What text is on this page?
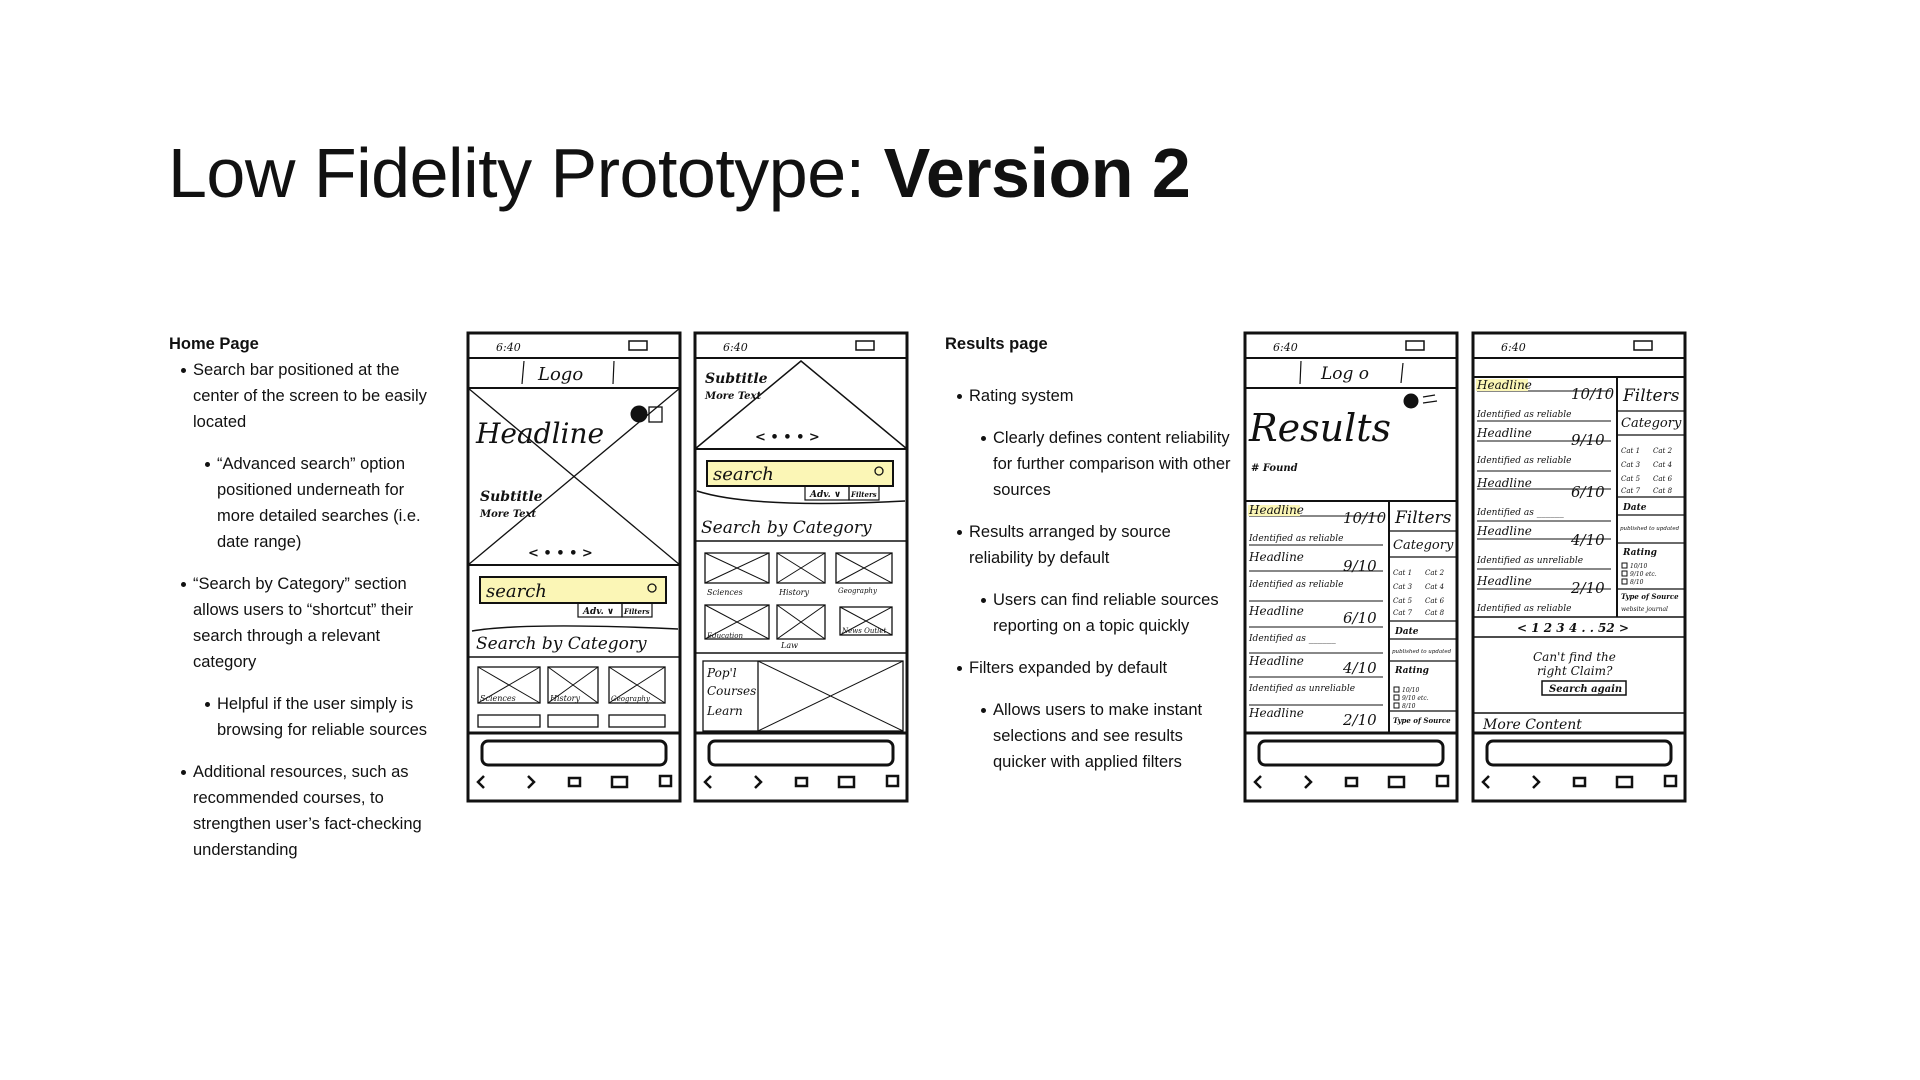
Low Fidelity Prototype: Version 2
Home Page
Search bar positioned at the center of the screen to be easily located
“Advanced search” option positioned underneath for more detailed searches (i.e. date range)
“Search by Category” section allows users to “shortcut” their search through a relevant category
Helpful if the user simply is browsing for reliable sources
Additional resources, such as recommended courses, to strengthen user’s fact-checking understanding
Results page
Rating system
Clearly defines content reliability for further comparison with other sources
Results arranged by source reliability by default
Users can find reliable sources reporting on a topic quickly
Filters expanded by default
Allows users to make instant selections and see results quicker with applied filters
6:40
Logo
Headline
Subtitle
More Text
< • • • >
search
Adv. ∨ Filters
Search by Category
Sciences	History	Geography
6:40
Subtitle
More Text
< • • • >
search
Adv. ∨ Filters
Search by Category
Sciences	History	Geography
Education
Law
News Outlet
Pop'l
Courses
Learn
6:40
Log o
Results
# Found
Headline	10/10
Identified as reliable
Headline	9/10
Identified as reliable
Headline	6/10
Identified as ______
Headline	4/10
Identified as unreliable
Headline	2/10
Filters
Category
Cat 1 Cat 2
Cat 3 Cat 4
Cat 5 Cat 6
Cat 7 Cat 8
Date
published to updated
Rating
10/10
9/10 etc.
8/10
Type of Source
6:40
Headline	10/10
Identified as reliable
Headline	9/10
Identified as reliable
Headline	6/10
Identified as ______
Headline	4/10
Identified as unreliable
Headline	2/10
Identified as reliable
Filters
Category
Cat 1 Cat 2
Cat 3 Cat 4
Cat 5 Cat 6
Cat 7 Cat 8
Date
published to updated
Rating
10/10
9/10 etc.
8/10
Type of Source
website journal
< 1 2 3 4 . . 52 >
Can't find the
right Claim?
Search again
More Content
